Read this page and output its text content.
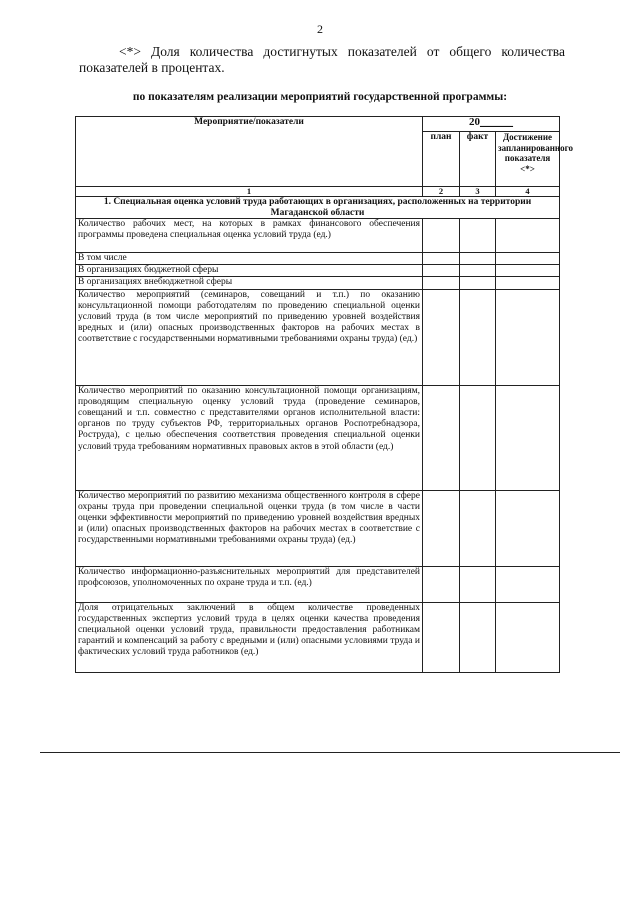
2
<*> Доля количества достигнутых показателей от общего количества показателей в процентах.
по показателям реализации мероприятий государственной программы:
Мероприятие/показатели	20______		
	план	факт	Достижение запланированного показателя <*>
1	2	3	4
1. Специальная оценка условий труда работающих в организациях, расположенных на территории Магаданской области			
Количество рабочих мест, на которых в рамках финансового обеспечения программы проведена специальная оценка условий труда (ед.)			
В том числе			
В организациях бюджетной сферы			
В организациях внебюджетной сферы			
Количество мероприятий (семинаров, совещаний и т.п.) по оказанию консультационной помощи работодателям по проведению специальной оценки условий труда (в том числе мероприятий по приведению уровней воздействия вредных и (или) опасных производственных факторов на рабочих местах в соответствие с государственными нормативными требованиями охраны труда) (ед.)			
Количество мероприятий по оказанию консультационной помощи организациям, проводящим специальную оценку условий труда (проведение семинаров, совещаний и т.п. совместно с представителями органов исполнительной власти: органов по труду субъектов РФ, территориальных органов Роспотребнадзора, Роструда), с целью обеспечения соответствия проведения специальной оценки условий труда требованиям нормативных правовых актов в этой области (ед.)			
Количество мероприятий по развитию механизма общественного контроля в сфере охраны труда при проведении специальной оценки труда (в том числе в части оценки эффективности мероприятий по приведению уровней воздействия вредных и (или) опасных производственных факторов на рабочих местах в соответствие с государственными нормативными требованиями охраны труда) (ед.)			
Количество информационно-разъяснительных мероприятий для представителей профсоюзов, уполномоченных по охране труда и т.п. (ед.)			
Доля отрицательных заключений в общем количестве проведенных государственных экспертиз условий труда в целях оценки качества проведения специальной оценки условий труда, правильности предоставления работникам гарантий и компенсаций за работу с вредными и (или) опасными условиями труда и фактических условий труда работников (ед.)			
